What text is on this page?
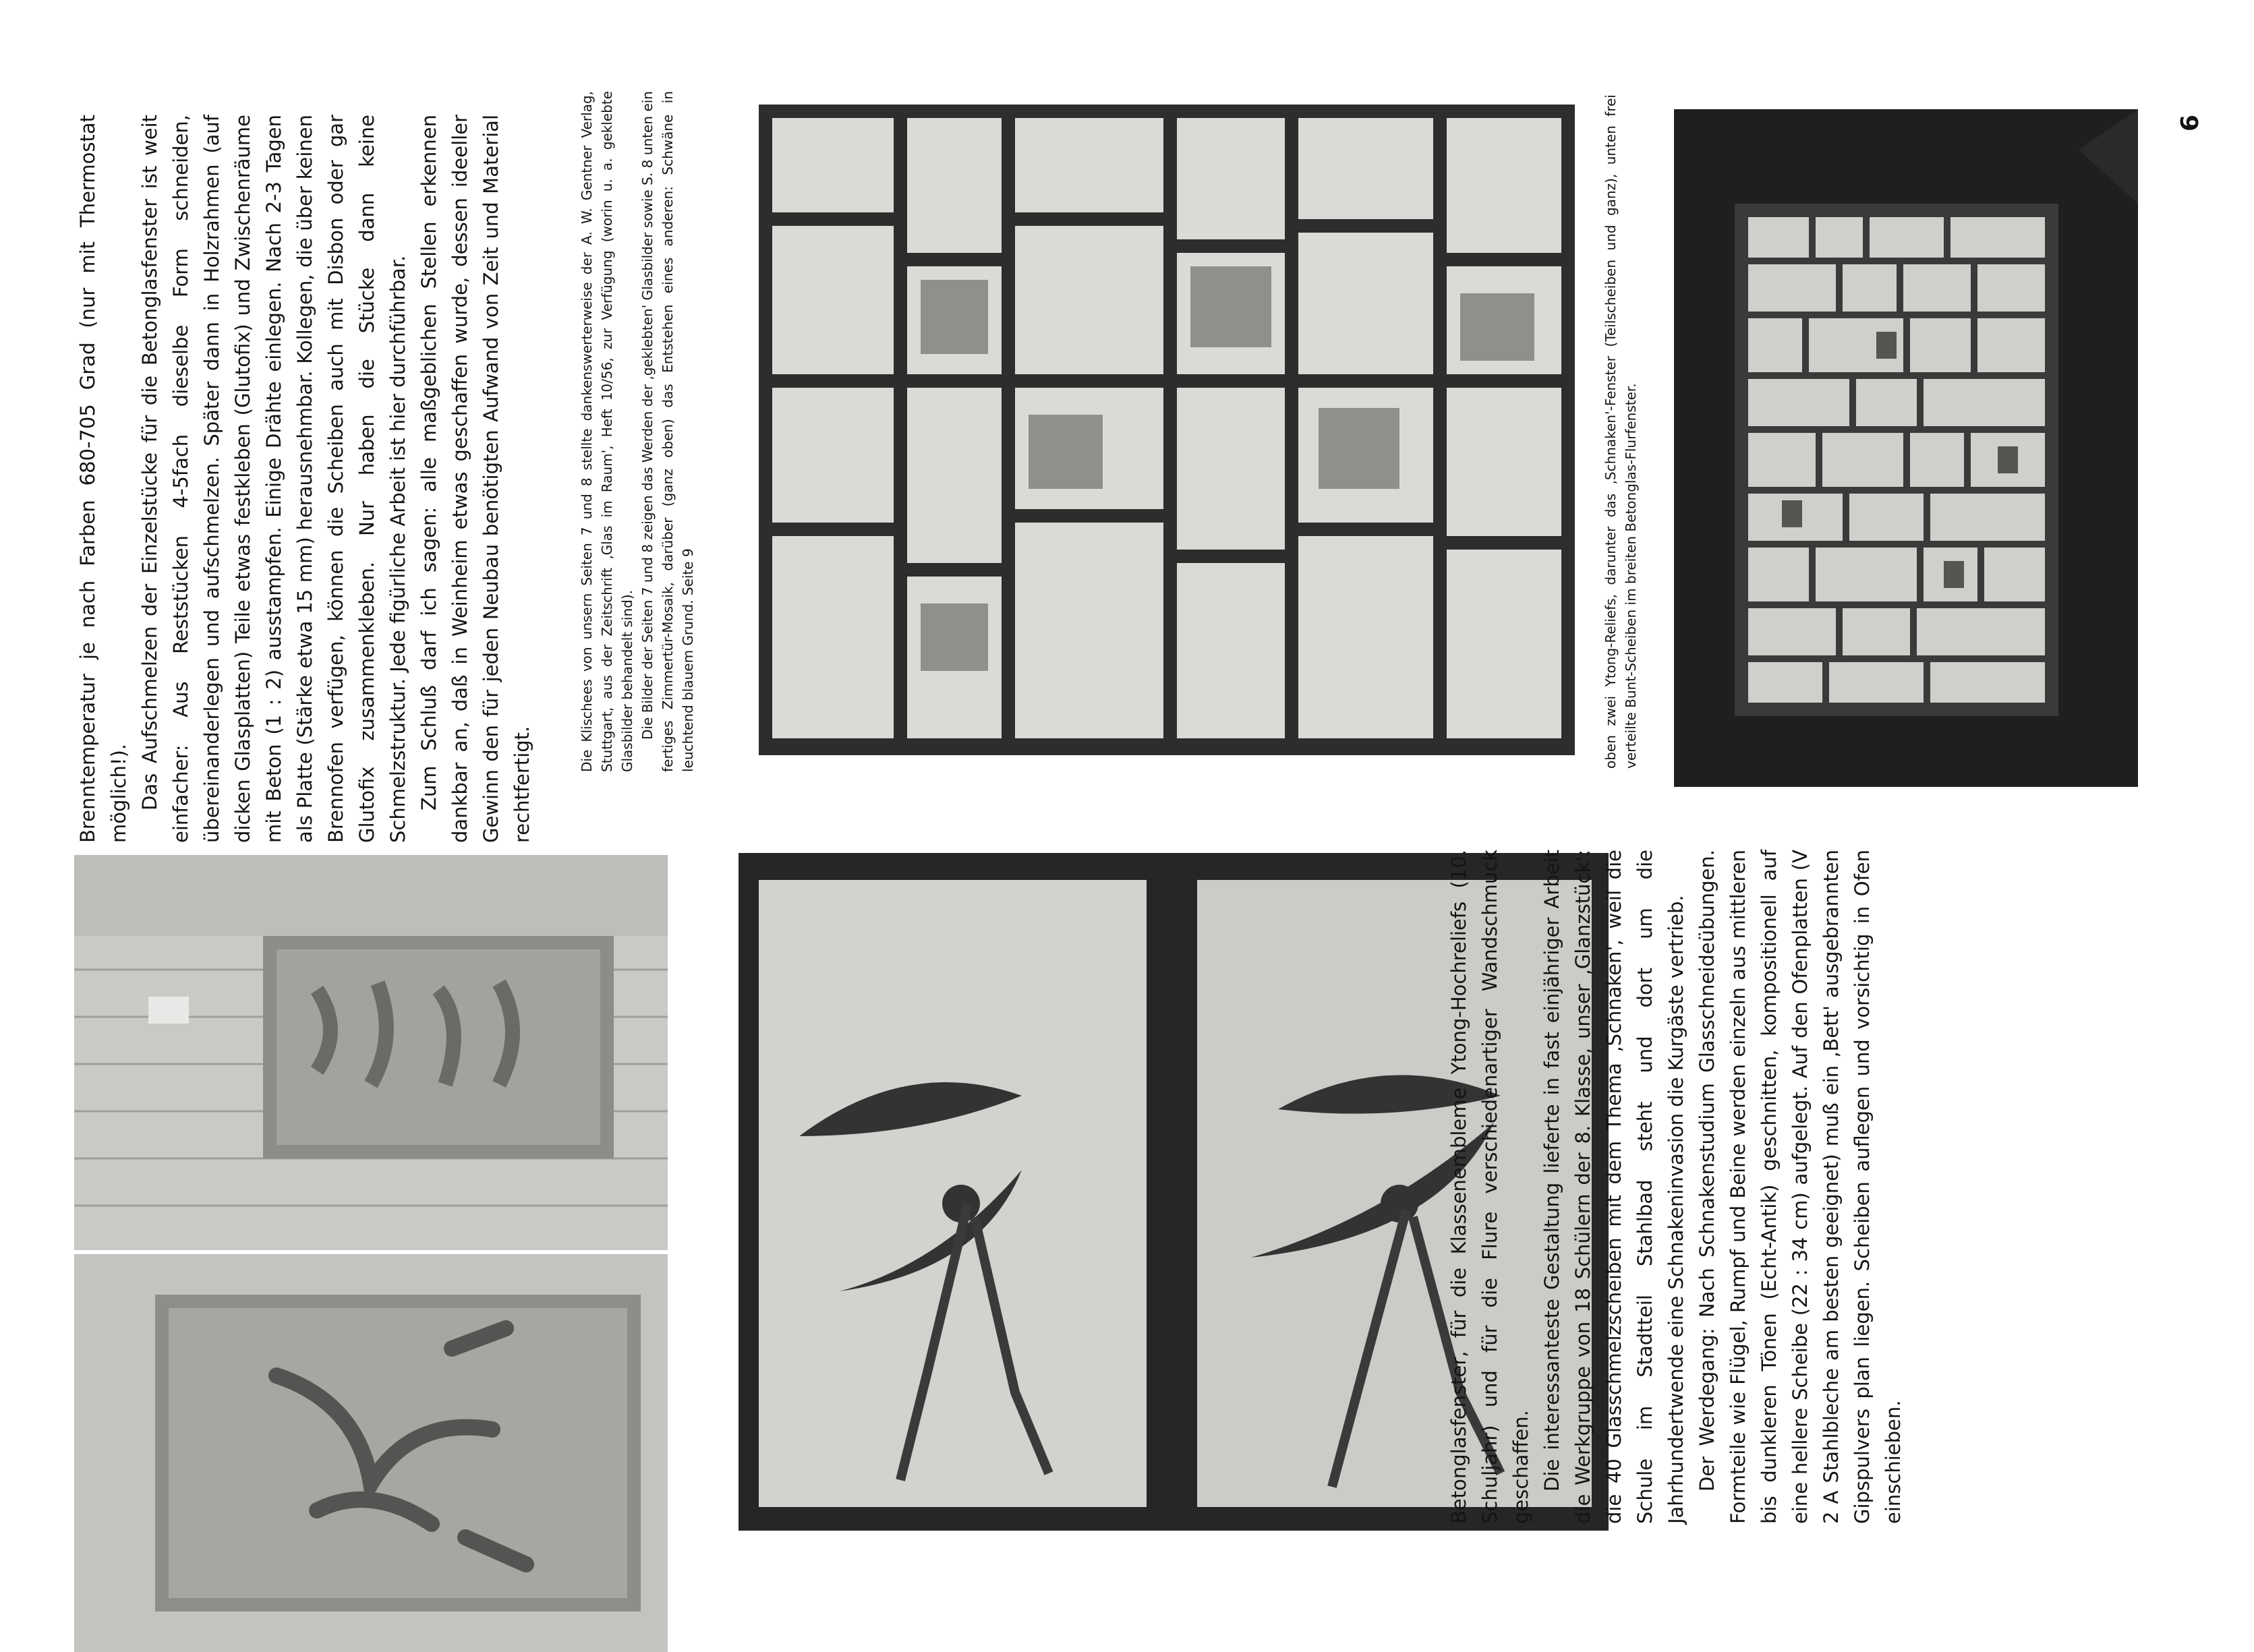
6

Brenntemperatur je nach Farben 680-705 Grad (nur mit Thermostat möglich!). Das Aufschmelzen der Einzelstücke für die Betonglasfenster ist weit einfacher: Aus Reststücken 4-5fach dieselbe Form schneiden, übereinanderlegen und aufschmelzen. Später dann in Holzrahmen (auf dicken Glasplatten) Teile etwas festkleben (Glutofix) und Zwischenräume mit Beton (1 : 2) ausstampfen. Einige Drähte einlegen. Nach 2-3 Tagen als Platte (Stärke etwa 15 mm) herausnehmbar. Kollegen, die über keinen Brennofen verfügen, können die Scheiben auch mit Disbon oder gar Glutofix zusammenkleben. Nur haben die Stücke dann keine Schmelzstruktur. Jede figürliche Arbeit ist hier durchführbar. Zum Schluß darf ich sagen: alle maßgeblichen Stellen erkennen dankbar an, daß in Weinheim etwas geschaffen wurde, dessen ideeller Gewinn den für jeden Neubau benötigten Aufwand von Zeit und Material rechtfertigt.

Die Klischees von unsern Seiten 7 und 8 stellte dankenswerterweise der A. W. Gentner Verlag, Stuttgart, aus der Zeitschrift ‚Glas im Raum', Heft 10/56, zur Verfügung (worin u. a. geklebte Glasbilder behandelt sind). Die Bilder der Seiten 7 und 8 zeigen das Werden der ‚geklebten' Glasbilder sowie S. 8 unten ein fertiges Zimmertür-Mosaik, darüber (ganz oben) das Entstehen eines anderen: Schwäne in leuchtend blauem Grund. Seite 9	oben zwei Ytong-Reliefs, darunter das ‚Schnaken'-Fenster (Teilscheiben und ganz), unten frei verteilte Bunt-Scheiben im breiten Betonglas-Flurfenster.

Betonglasfenster, für die Klassenembleme Ytong-Hochreliefs (10. Schuljahr) und für die Flure verschiedenartiger Wandschmuck geschaffen. Die interessanteste Gestaltung lieferte in fast einjähriger Arbeit die Werkgruppe von 18 Schülern der 8. Klasse, unser ‚Glanzstück': die 40 Glasschmelzscheiben mit dem Thema ‚Schnaken', weil die Schule im Stadtteil Stahlbad steht und dort um die Jahrhundertwende eine Schnakeninvasion die Kurgäste vertrieb. Der Werdegang: Nach Schnakenstudium Glasschneideübungen. Formteile wie Flügel, Rumpf und Beine werden einzeln aus mittleren bis dunkleren Tönen (Echt-Antik) geschnitten, kompositionell auf eine hellere Scheibe (22 : 34 cm) aufgelegt. Auf den Ofenplatten (V 2 A Stahlbleche am besten geeignet) muß ein ‚Bett' ausgebrannten Gipspulvers plan liegen. Scheiben auflegen und vorsichtig in Ofen einschieben.
